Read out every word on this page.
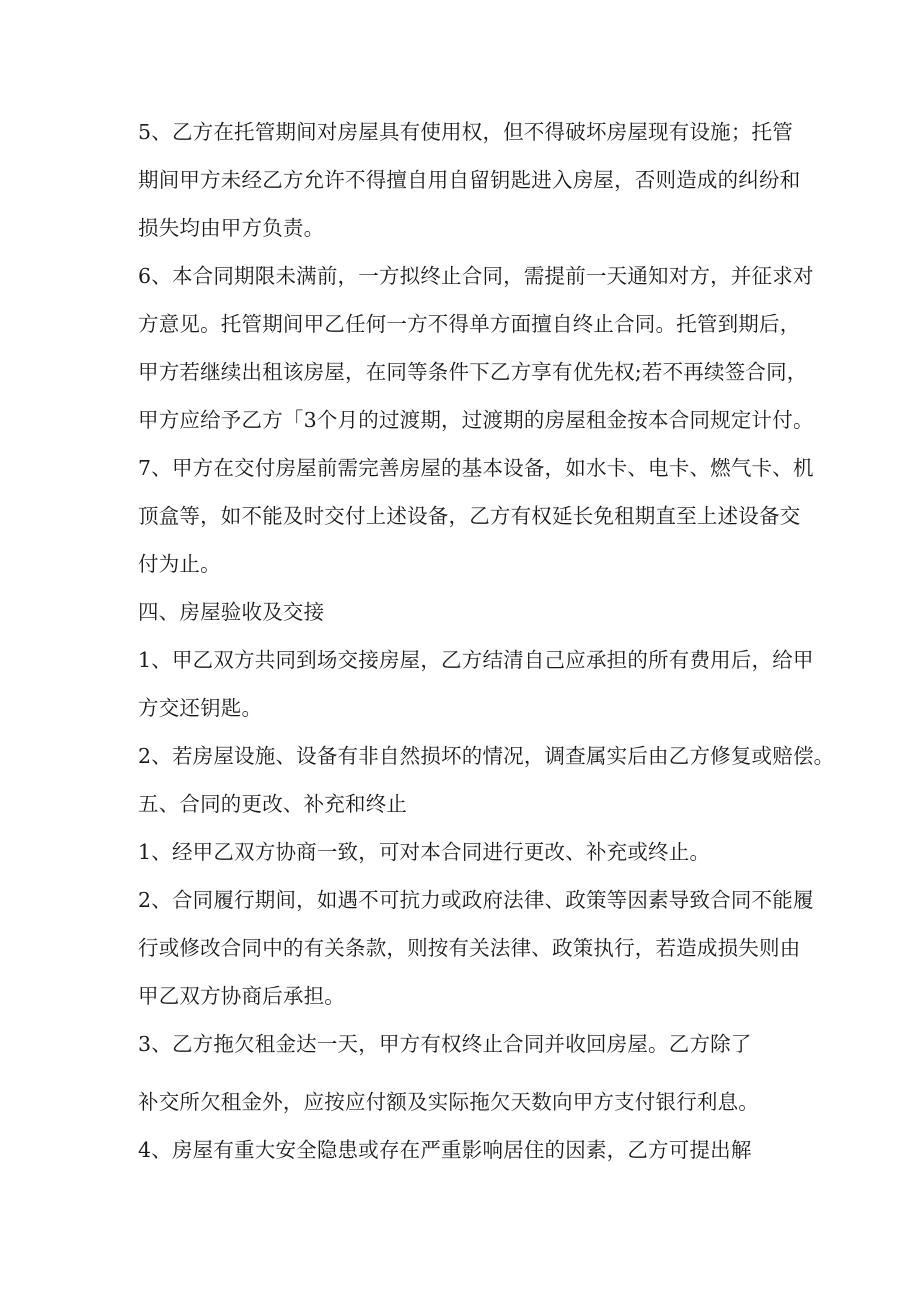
5、乙方在托管期间对房屋具有使用权，但不得破坏房屋现有设施；托管
期间甲方未经乙方允许不得擅自用自留钥匙进入房屋，否则造成的纠纷和
损失均由甲方负责。
6、本合同期限未满前，一方拟终止合同，需提前一天通知对方，并征求对
方意见。托管期间甲乙任何一方不得单方面擅自终止合同。托管到期后，
甲方若继续出租该房屋，在同等条件下乙方享有优先权;若不再续签合同，
甲方应给予乙方「3个月的过渡期，过渡期的房屋租金按本合同规定计付。
7、甲方在交付房屋前需完善房屋的基本设备，如水卡、电卡、燃气卡、机
顶盒等，如不能及时交付上述设备，乙方有权延长免租期直至上述设备交
付为止。
四、房屋验收及交接
1、甲乙双方共同到场交接房屋，乙方结清自己应承担的所有费用后，给甲
方交还钥匙。
2、若房屋设施、设备有非自然损坏的情况，调查属实后由乙方修复或赔偿。
五、合同的更改、补充和终止
1、经甲乙双方协商一致，可对本合同进行更改、补充或终止。
2、合同履行期间，如遇不可抗力或政府法律、政策等因素导致合同不能履
行或修改合同中的有关条款，则按有关法律、政策执行，若造成损失则由
甲乙双方协商后承担。
3、乙方拖欠租金达一天，甲方有权终止合同并收回房屋。乙方除了
补交所欠租金外，应按应付额及实际拖欠天数向甲方支付银行利息。
4、房屋有重大安全隐患或存在严重影响居住的因素，乙方可提出解
